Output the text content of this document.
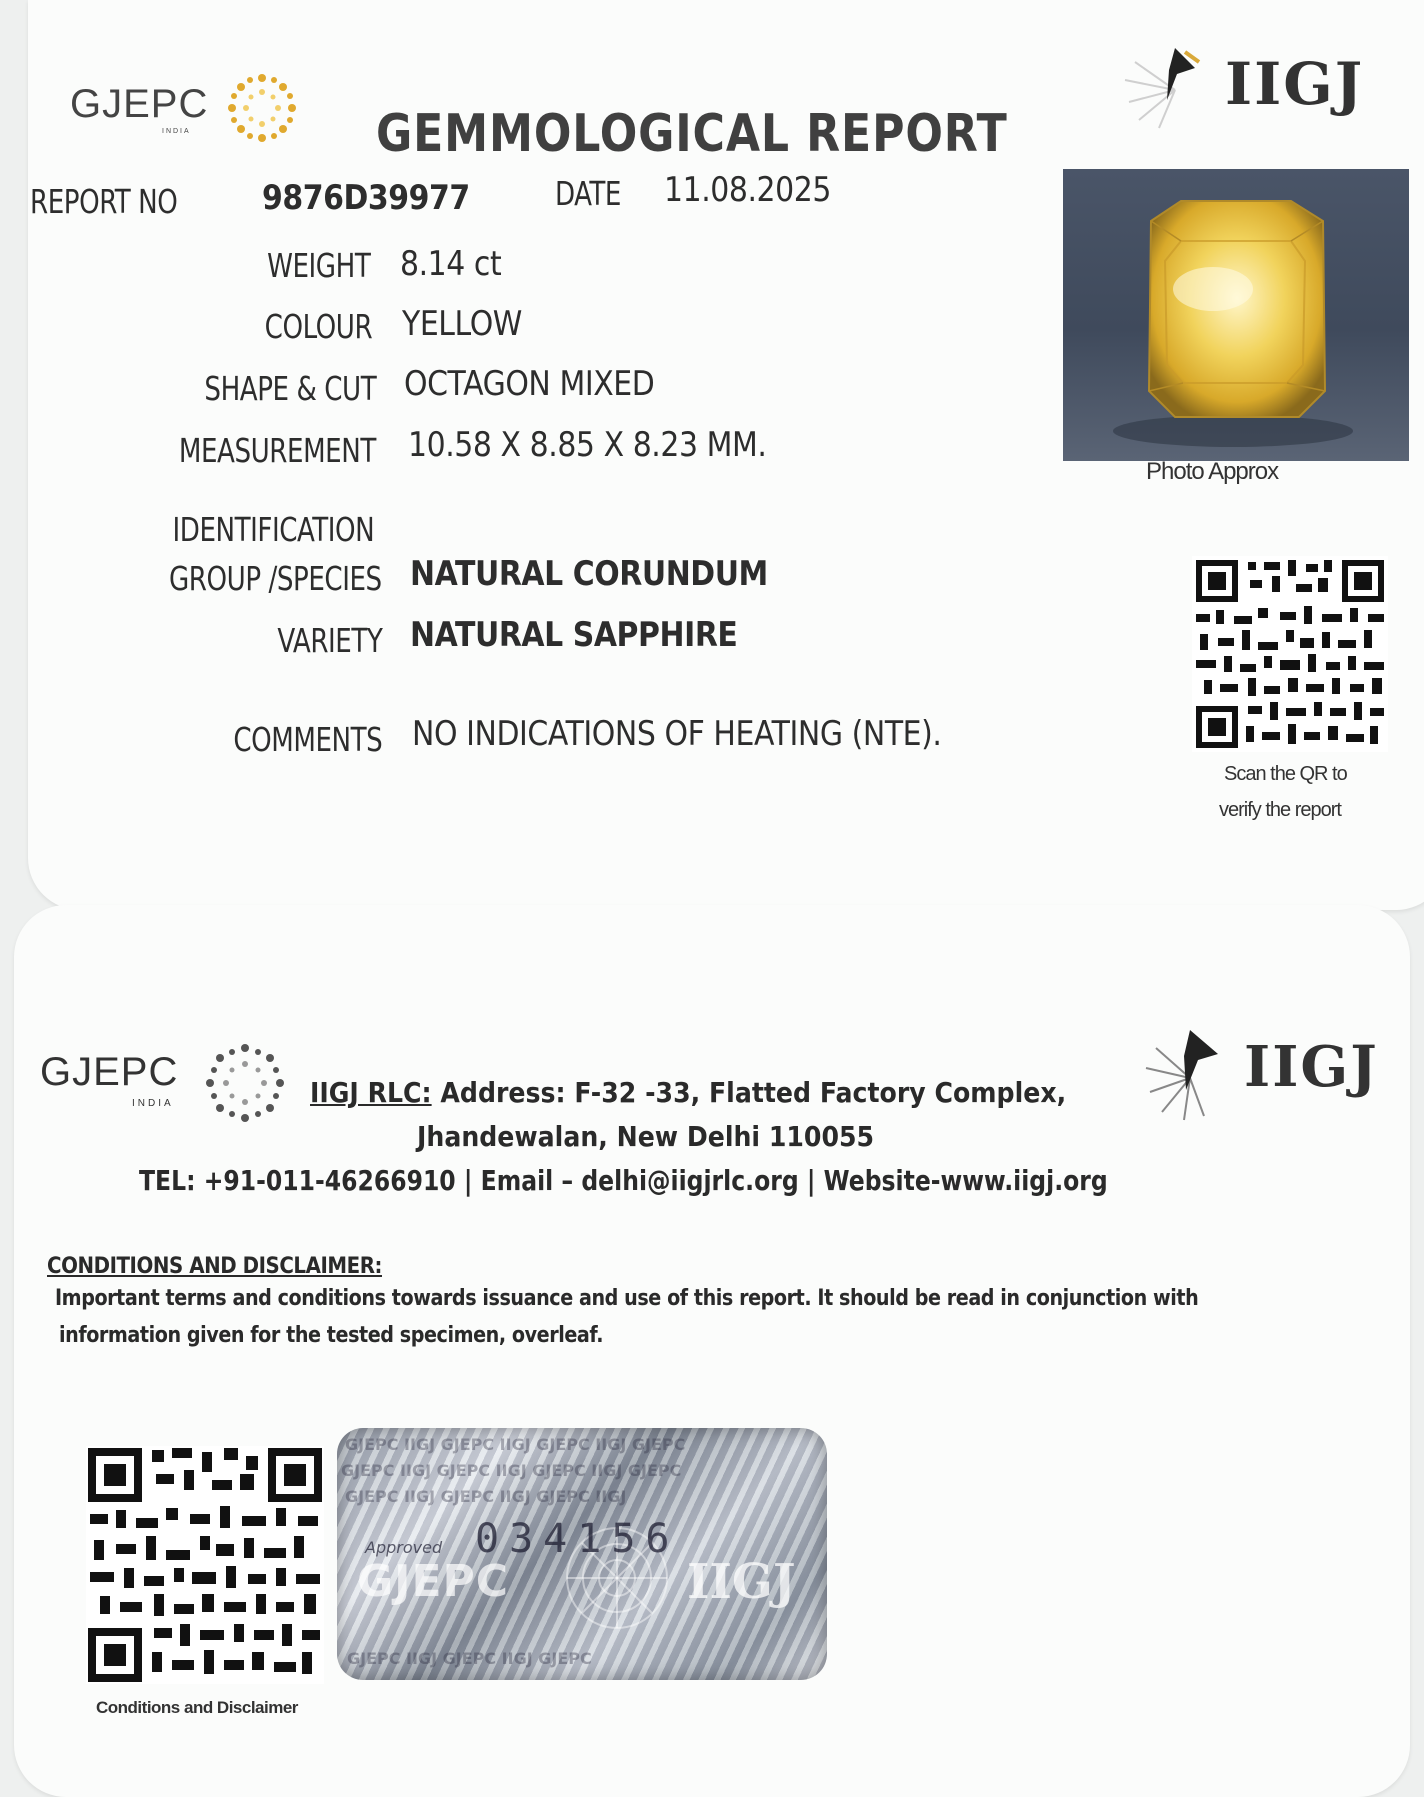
GJEPC
INDIA
IIGJ
GEMMOLOGICAL REPORT
REPORT NO 9876D39977	DATE 11.08.2025
WEIGHT 8.14 ct
COLOUR YELLOW
SHAPE & CUT OCTAGON MIXED
MEASUREMENT 10.58 X 8.85 X 8.23 MM.
IDENTIFICATION
GROUP /SPECIES NATURAL CORUNDUM
VARIETY NATURAL SAPPHIRE
COMMENTS NO INDICATIONS OF HEATING (NTE).
Photo Approx
Scan the QR to
verify the report
GJEPC
INDIA
IIGJ
IIGJ RLC: Address: F-32 -33, Flatted Factory Complex,
Jhandewalan, New Delhi 110055
TEL: +91-011-46266910 | Email – delhi@iigjrlc.org | Website-www.iigj.org
CONDITIONS AND DISCLAIMER:
Important terms and conditions towards issuance and use of this report. It should be read in conjunction with
information given for the tested specimen, overleaf.
Conditions and Disclaimer
GJEPC IIGJ GJEPC IIGJ GJEPC IIGJ GJEPC
GJEPC IIGJ GJEPC IIGJ GJEPC IIGJ GJEPC
GJEPC IIGJ GJEPC IIGJ GJEPC IIGJ
GJEPC IIGJ GJEPC IIGJ GJEPC
034156
Approved
GJEPC	IIGJ
